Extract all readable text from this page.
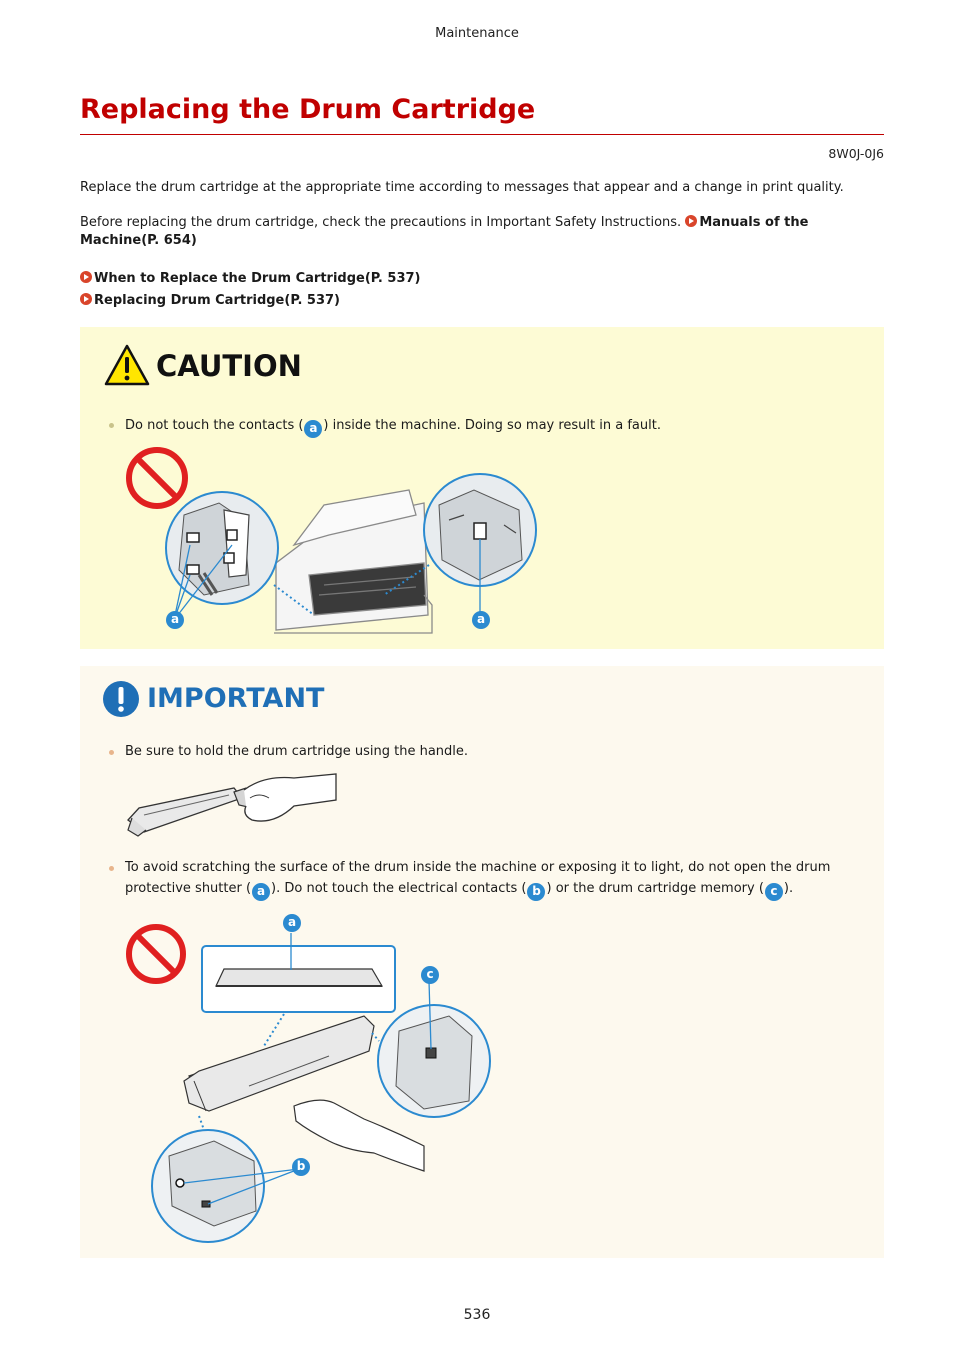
Maintenance
Replacing the Drum Cartridge
8W0J-0J6

Replace the drum cartridge at the appropriate time according to messages that appear and a change in print quality.

Before replacing the drum cartridge, check the precautions in Important Safety Instructions. Manuals of the Machine(P. 654)

When to Replace the Drum Cartridge(P. 537)
Replacing Drum Cartridge(P. 537)
CAUTION
Do not touch the contacts ( a ) inside the machine. Doing so may result in a fault.
a	a
IMPORTANT
Be sure to hold the drum cartridge using the handle.
To avoid scratching the surface of the drum inside the machine or exposing it to light, do not open the drum protective shutter ( a ). Do not touch the electrical contacts ( b ) or the drum cartridge memory ( c ).
a
c
b
536
